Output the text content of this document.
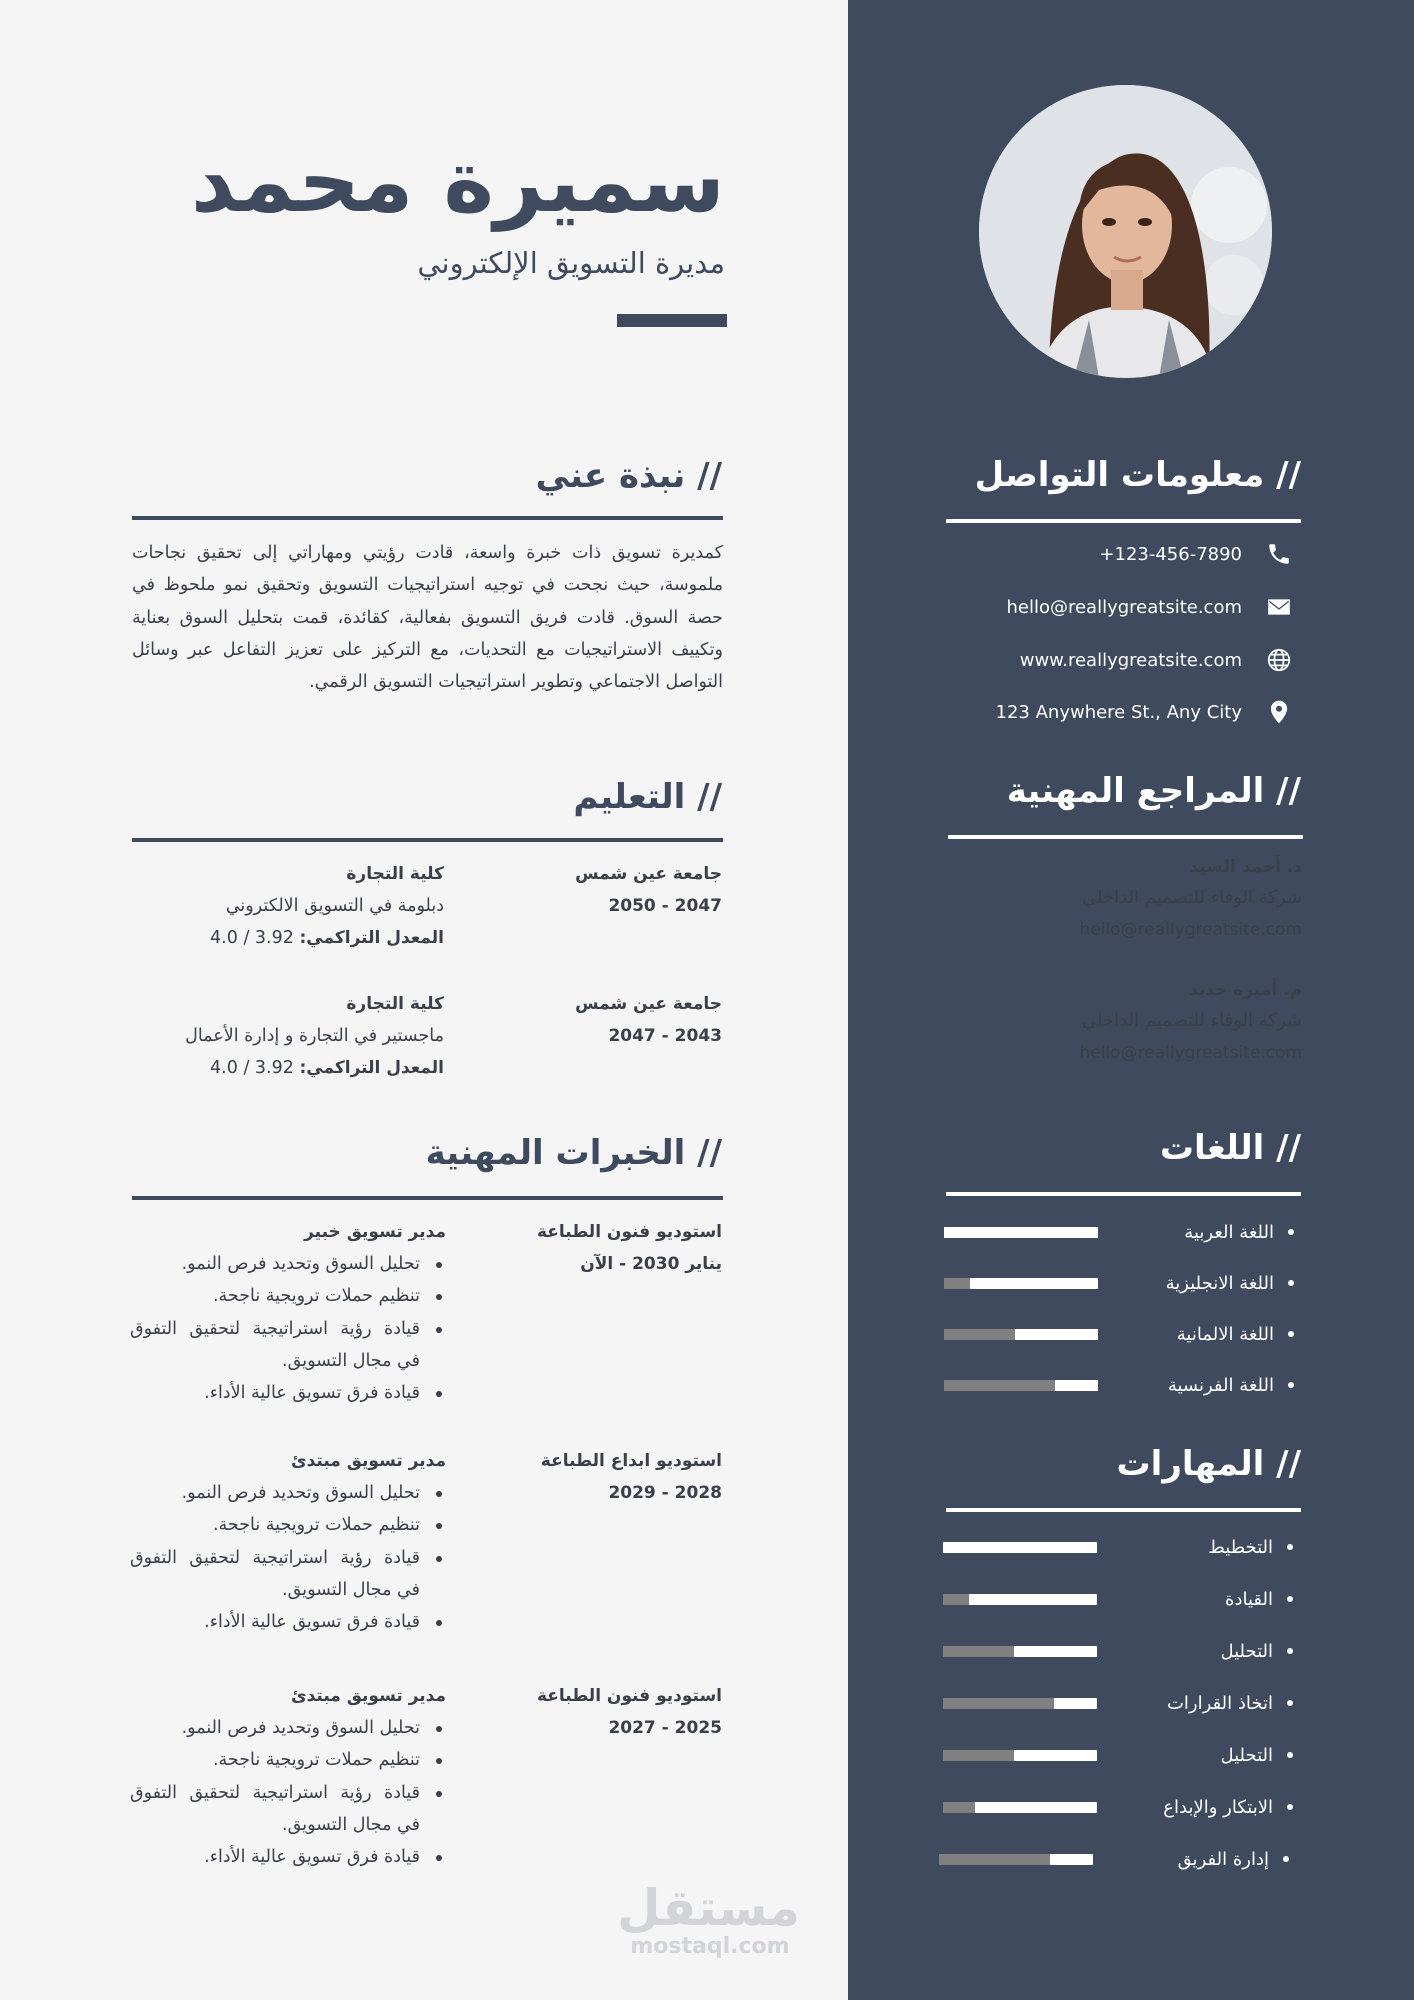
// معلومات التواصل
+123-456-7890
hello@reallygreatsite.com
www.reallygreatsite.com
123 Anywhere St., Any City
// المراجع المهنية
د. أحمد السيد
شركة الوفاء للتصميم الداخلي
hello@reallygreatsite.com
م. أميرة حديد
شركة الوفاء للتصميم الداخلي
hello@reallygreatsite.com
// اللغات
اللغة العربية
اللغة الانجليزية
اللغة الالمانية
اللغة الفرنسية
// المهارات
التخطيط
القيادة
التحليل
اتخاذ القرارات
التحليل
الابتكار والإبداع
إدارة الفريق
سميرة محمد
مديرة التسويق الإلكتروني
// نبذة عني
كمديرة تسويق ذات خبرة واسعة، قادت رؤيتي ومهاراتي إلى تحقيق نجاحات ملموسة، حيث نجحت في توجيه استراتيجيات التسويق وتحقيق نمو ملحوظ في حصة السوق. قادت فريق التسويق بفعالية، كقائدة، قمت بتحليل السوق بعناية وتكييف الاستراتيجيات مع التحديات، مع التركيز على تعزيز التفاعل عبر وسائل التواصل الاجتماعي وتطوير استراتيجيات التسويق الرقمي.
// التعليم
جامعة عين شمس
2047 - 2050
كلية التجارة
دبلومة في التسويق الالكتروني
المعدل التراكمي: 3.92 / 4.0
جامعة عين شمس
2043 - 2047
كلية التجارة
ماجستير في التجارة و إدارة الأعمال
المعدل التراكمي: 3.92 / 4.0
// الخبرات المهنية
استوديو فنون الطباعة
يناير 2030 - الآن
مدير تسويق خبير
تحليل السوق وتحديد فرص النمو.
تنظيم حملات ترويجية ناجحة.
قيادة رؤية استراتيجية لتحقيق التفوق في مجال التسويق.
قيادة فرق تسويق عالية الأداء.
استوديو ابداع الطباعة
2028 - 2029
مدير تسويق مبتدئ
تحليل السوق وتحديد فرص النمو.
تنظيم حملات ترويجية ناجحة.
قيادة رؤية استراتيجية لتحقيق التفوق في مجال التسويق.
قيادة فرق تسويق عالية الأداء.
استوديو فنون الطباعة
2025 - 2027
مدير تسويق مبتدئ
تحليل السوق وتحديد فرص النمو.
تنظيم حملات ترويجية ناجحة.
قيادة رؤية استراتيجية لتحقيق التفوق في مجال التسويق.
قيادة فرق تسويق عالية الأداء.
مستقل
mostaql.com
